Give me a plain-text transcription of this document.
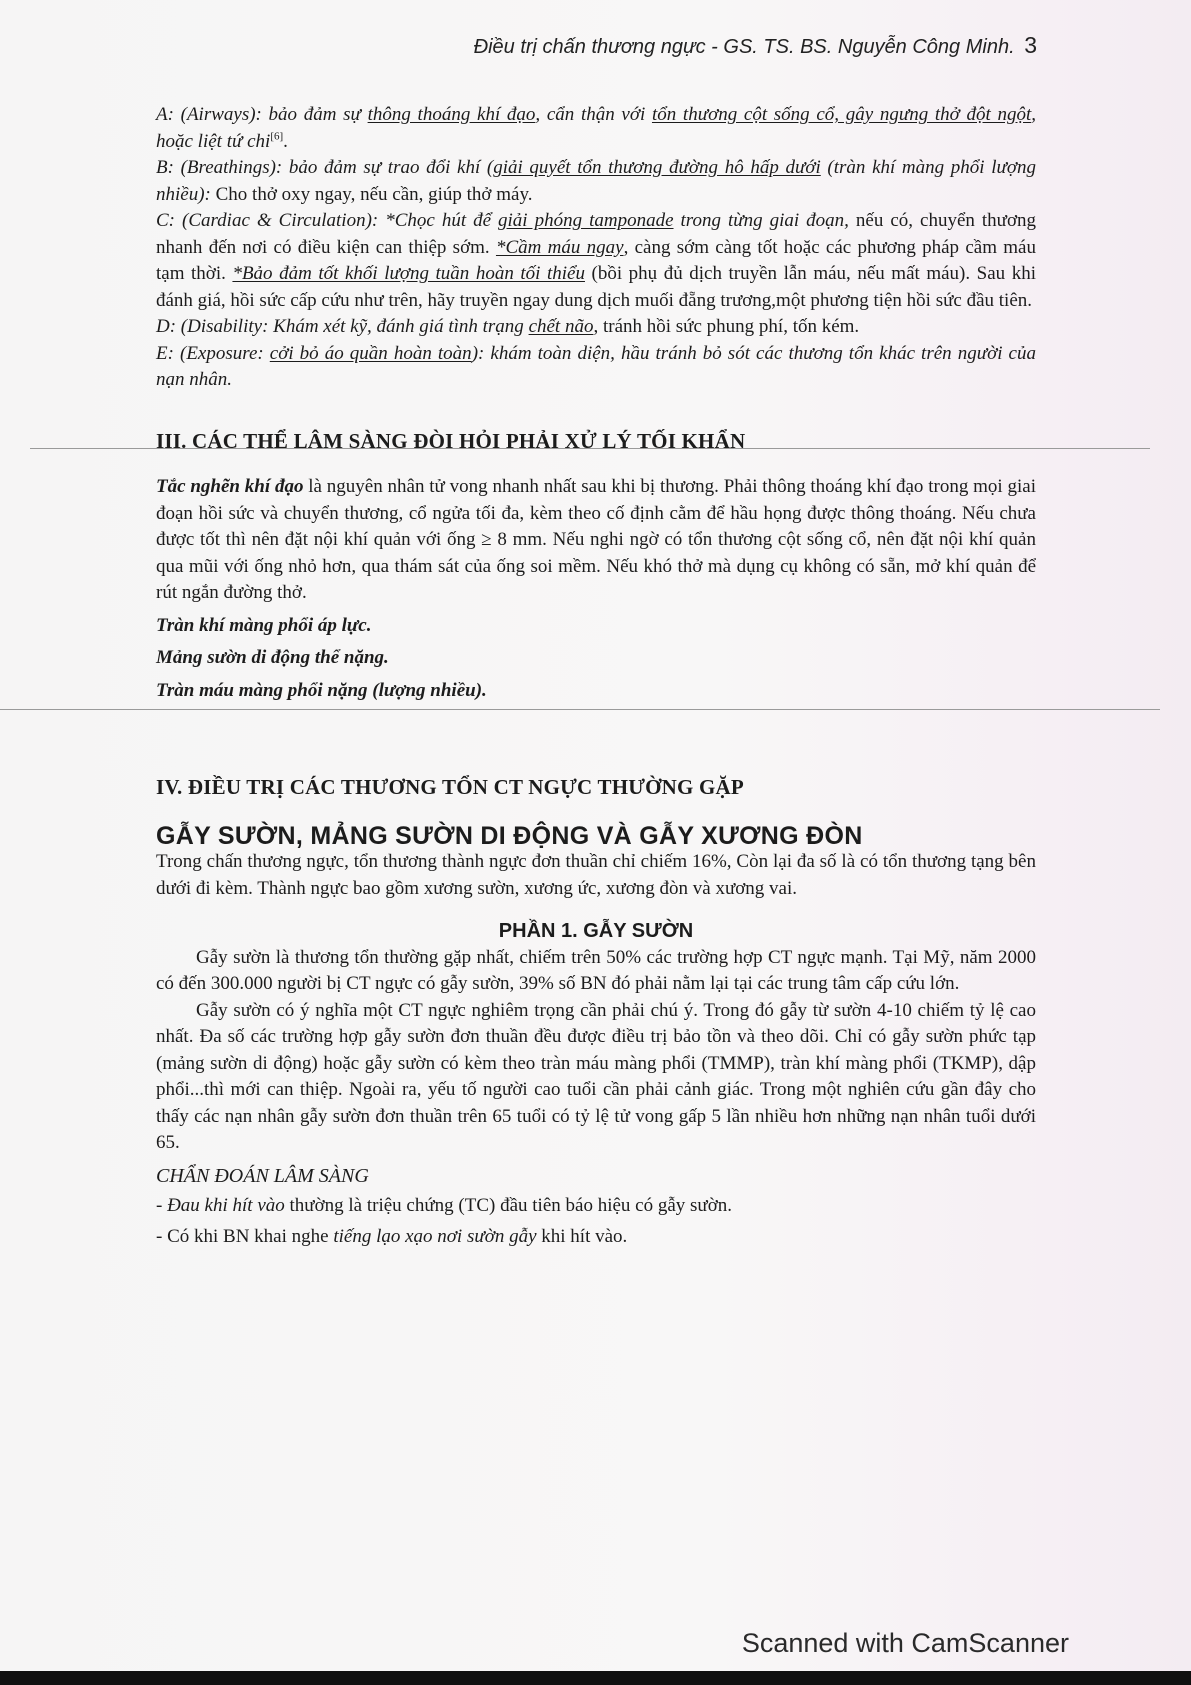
Điều trị chấn thương ngực - GS. TS. BS. Nguyễn Công Minh. 3

A: (Airways): bảo đảm sự thông thoáng khí đạo, cẩn thận với tổn thương cột sống cổ, gây ngưng thở đột ngột, hoặc liệt tứ chi[6].

B: (Breathings): bảo đảm sự trao đổi khí (giải quyết tổn thương đường hô hấp dưới (tràn khí màng phổi lượng nhiều): Cho thở oxy ngay, nếu cần, giúp thở máy.

C: (Cardiac & Circulation): *Chọc hút để giải phóng tamponade trong từng giai đoạn, nếu có, chuyển thương nhanh đến nơi có điều kiện can thiệp sớm. *Cầm máu ngay, càng sớm càng tốt hoặc các phương pháp cầm máu tạm thời. *Bảo đảm tốt khối lượng tuần hoàn tối thiểu (bồi phụ đủ dịch truyền lẫn máu, nếu mất máu). Sau khi đánh giá, hồi sức cấp cứu như trên, hãy truyền ngay dung dịch muối đẵng trương,một phương tiện hồi sức đầu tiên.

D: (Disability: Khám xét kỹ, đánh giá tình trạng chết não, tránh hồi sức phung phí, tốn kém.

E: (Exposure: cởi bỏ áo quần hoàn toàn): khám toàn diện, hầu tránh bỏ sót các thương tổn khác trên người của nạn nhân.

III. CÁC THỂ LÂM SÀNG ĐÒI HỎI PHẢI XỬ LÝ TỐI KHẨN

Tắc nghẽn khí đạo là nguyên nhân tử vong nhanh nhất sau khi bị thương. Phải thông thoáng khí đạo trong mọi giai đoạn hồi sức và chuyển thương, cổ ngửa tối đa, kèm theo cố định cằm để hầu họng được thông thoáng. Nếu chưa được tốt thì nên đặt nội khí quản với ống ≥ 8 mm. Nếu nghi ngờ có tổn thương cột sống cổ, nên đặt nội khí quản qua mũi với ống nhỏ hơn, qua thám sát của ống soi mềm. Nếu khó thở mà dụng cụ không có sẵn, mở khí quản để rút ngắn đường thở.

Tràn khí màng phổi áp lực.

Mảng sườn di động thể nặng.

Tràn máu màng phổi nặng (lượng nhiều).

IV. ĐIỀU TRỊ CÁC THƯƠNG TỔN CT NGỰC THƯỜNG GẶP

GẪY SƯỜN, MẢNG SƯỜN DI ĐỘNG VÀ GẪY XƯƠNG ĐÒN

Trong chấn thương ngực, tổn thương thành ngực đơn thuần chỉ chiếm 16%, Còn lại đa số là có tổn thương tạng bên dưới đi kèm. Thành ngực bao gồm xương sườn, xương ức, xương đòn và xương vai.

PHẦN 1. GẪY SƯỜN

Gẫy sườn là thương tổn thường gặp nhất, chiếm trên 50% các trường hợp CT ngực mạnh. Tại Mỹ, năm 2000 có đến 300.000 người bị CT ngực có gẫy sườn, 39% số BN đó phải nằm lại tại các trung tâm cấp cứu lớn.

Gẫy sườn có ý nghĩa một CT ngực nghiêm trọng cần phải chú ý. Trong đó gẫy từ sườn 4-10 chiếm tỷ lệ cao nhất. Đa số các trường hợp gẫy sườn đơn thuần đều được điều trị bảo tồn và theo dõi. Chỉ có gẫy sườn phức tạp (mảng sườn di động) hoặc gẫy sườn có kèm theo tràn máu màng phổi (TMMP), tràn khí màng phổi (TKMP), dập phổi...thì mới can thiệp. Ngoài ra, yếu tố người cao tuổi cần phải cảnh giác. Trong một nghiên cứu gần đây cho thấy các nạn nhân gẫy sườn đơn thuần trên 65 tuổi có tỷ lệ tử vong gấp 5 lần nhiều hơn những nạn nhân tuổi dưới 65.

CHẨN ĐOÁN LÂM SÀNG

- Đau khi hít vào thường là triệu chứng (TC) đầu tiên báo hiệu có gẫy sườn.

- Có khi BN khai nghe tiếng lạo xạo nơi sườn gẫy khi hít vào.

Scanned with CamScanner
